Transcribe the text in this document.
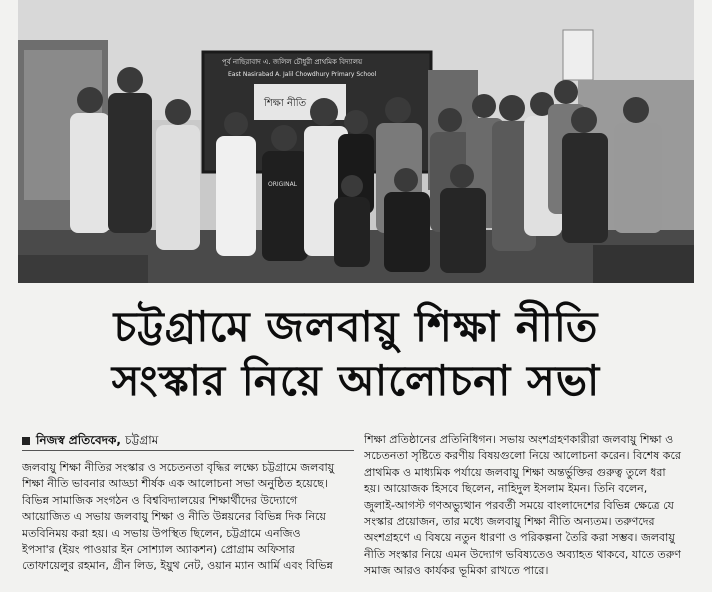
পূর্ব নাছিরাবাদ এ. জলিল চৌধুরী প্রাথমিক বিদ্যালয়
East Nasirabad A. Jalil Chowdhury Primary School
শিক্ষা নীতি
ORIGINAL
চট্টগ্রামে জলবায়ু শিক্ষা নীতি
সংস্কার নিয়ে আলোচনা সভা
নিজস্ব প্রতিবেদক, চট্টগ্রাম
জলবায়ু শিক্ষা নীতির সংস্কার ও সচেতনতা বৃদ্ধির লক্ষ্যে চট্টগ্রামে জলবায়ু
শিক্ষা নীতি ভাবনার আড্ডা শীর্ষক এক আলোচনা সভা অনুষ্ঠিত হয়েছে।
বিভিন্ন সামাজিক সংগঠন ও বিশ্ববিদ্যালয়ের শিক্ষার্থীদের উদ্যোগে
আয়োজিত এ সভায় জলবায়ু শিক্ষা ও নীতি উন্নয়নের বিভিন্ন দিক নিয়ে
মতবিনিময় করা হয়। এ সভায় উপস্থিত ছিলেন, চট্টগ্রামে এনজিও
ইপসা'র (ইয়ং পাওয়ার ইন সোশ্যাল অ্যাকশন) প্রোগ্রাম অফিসার
তোফায়েলুর রহমান, গ্রীন লিড, ইয়ুথ নেট, ওয়ান ম্যান আর্মি এবং বিভিন্ন
শিক্ষা প্রতিষ্ঠানের প্রতিনিধিগন। সভায় অংশগ্রহণকারীরা জলবায়ু শিক্ষা ও
সচেতনতা সৃষ্টিতে করণীয় বিষয়গুলো নিয়ে আলোচনা করেন। বিশেষ করে
প্রাথমিক ও মাধ্যমিক পর্যায়ে জলবায়ু শিক্ষা অন্তর্ভুক্তির গুরুত্ব তুলে ধরা
হয়। আয়োজক হিসবে ছিলেন, নাহিদুল ইসলাম ইমন। তিনি বলেন,
জুলাই-আগস্ট গণঅভ্যুত্থান পরবর্তী সময়ে বাংলাদেশের বিভিন্ন ক্ষেত্রে যে
সংস্কার প্রয়োজন, তার মধ্যে জলবায়ু শিক্ষা নীতি অন্যতম। তরুণদের
অংশগ্রহণে এ বিষয়ে নতুন ধারণা ও পরিকল্পনা তৈরি করা সম্ভব। জলবায়ু
নীতি সংস্কার নিয়ে এমন উদ্যোগ ভবিষ্যতেও অব্যাহত থাকবে, যাতে তরুণ
সমাজ আরও কার্যকর ভূমিকা রাখতে পারে।
